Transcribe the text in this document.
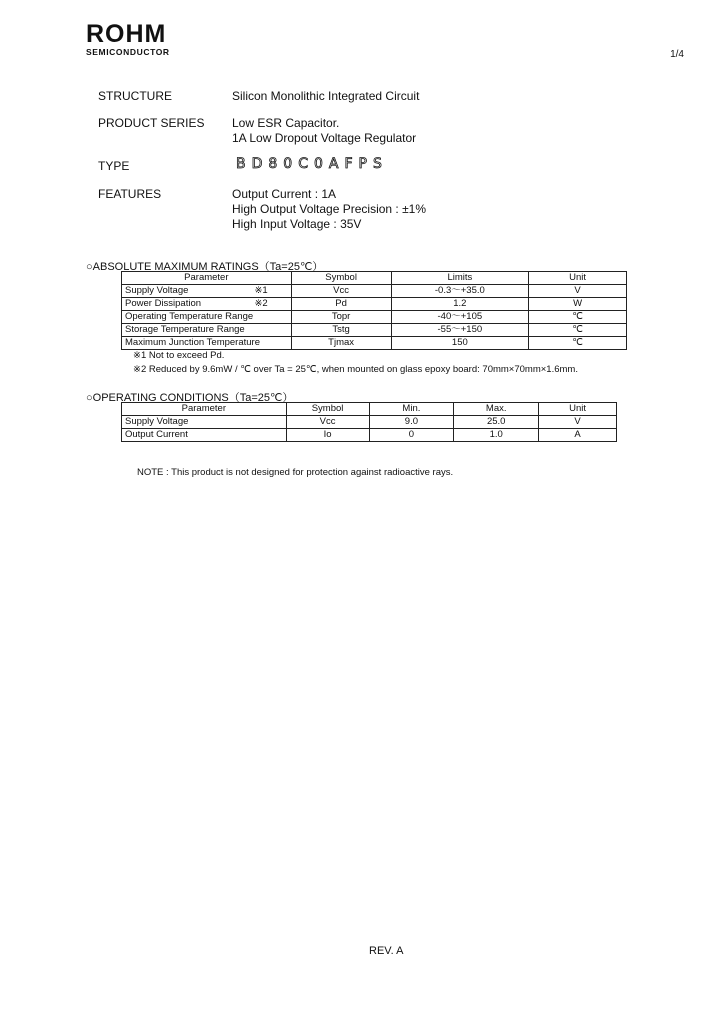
ROHM
SEMICONDUCTOR	1/4
STRUCTURE	Silicon Monolithic Integrated Circuit
PRODUCT SERIES Low ESR Capacitor.
1A Low Dropout Voltage Regulator
TYPE	BD80C0AFPS
FEATURES	Output Current : 1A
High Output Voltage Precision : ±1%
High Input Voltage : 35V
○ABSOLUTE MAXIMUM RATINGS（Ta=25℃）
Parameter	Symbol	Limits	Unit
Supply Voltage ※1	Vcc	-0.3～+35.0	V
Power Dissipation ※2	Pd	1.2	W
Operating Temperature Range	Topr	-40～+105	℃
Storage Temperature Range	Tstg	-55～+150	℃
Maximum Junction Temperature	Tjmax	150	℃
※1 Not to exceed Pd.
※2 Reduced by 9.6mW / ℃ over Ta = 25℃, when mounted on glass epoxy board: 70mm×70mm×1.6mm.
○OPERATING CONDITIONS（Ta=25℃）
Parameter	Symbol	Min.	Max.	Unit
Supply Voltage	Vcc	9.0	25.0	V
Output Current	Io	0	1.0	A
NOTE : This product is not designed for protection against radioactive rays.
REV. A
